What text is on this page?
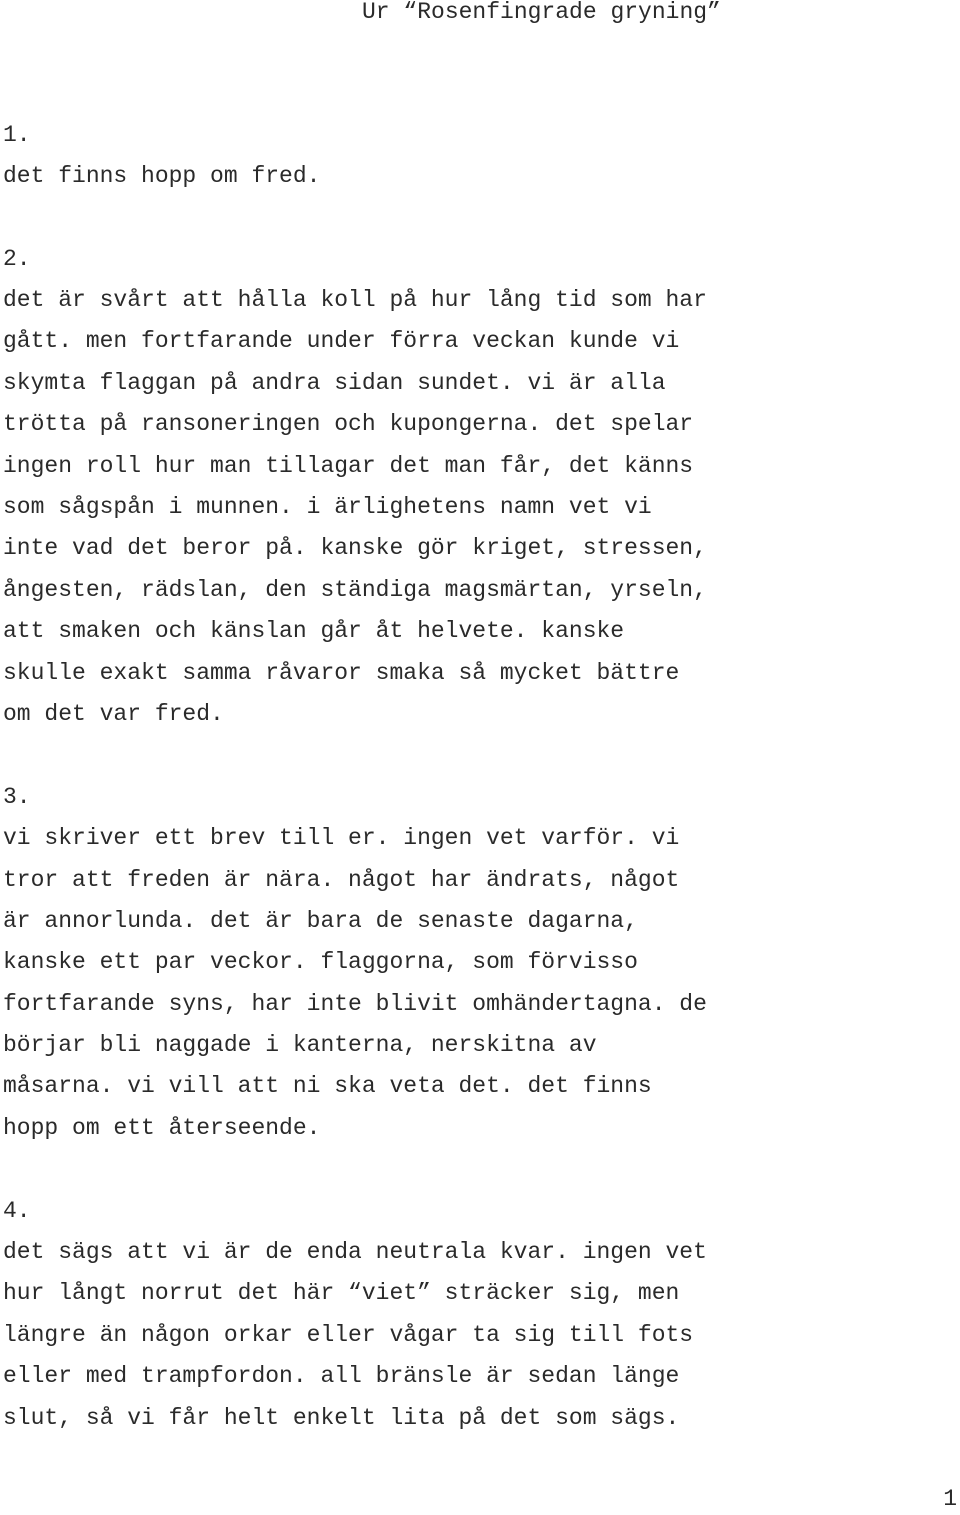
Ur “Rosenfingrade gryning”
1.
det finns hopp om fred.
2.
det är svårt att hålla koll på hur lång tid som har
gått. men fortfarande under förra veckan kunde vi
skymta flaggan på andra sidan sundet. vi är alla
trötta på ransoneringen och kupongerna. det spelar
ingen roll hur man tillagar det man får, det känns
som sågspån i munnen. i ärlighetens namn vet vi
inte vad det beror på. kanske gör kriget, stressen,
ångesten, rädslan, den ständiga magsmärtan, yrseln,
att smaken och känslan går åt helvete. kanske
skulle exakt samma råvaror smaka så mycket bättre
om det var fred.
3.
vi skriver ett brev till er. ingen vet varför. vi
tror att freden är nära. något har ändrats, något
är annorlunda. det är bara de senaste dagarna,
kanske ett par veckor. flaggorna, som förvisso
fortfarande syns, har inte blivit omhändertagna. de
börjar bli naggade i kanterna, nerskitna av
måsarna. vi vill att ni ska veta det. det finns
hopp om ett återseende.
4.
det sägs att vi är de enda neutrala kvar. ingen vet
hur långt norrut det här “viet” sträcker sig, men
längre än någon orkar eller vågar ta sig till fots
eller med trampfordon. all bränsle är sedan länge
slut, så vi får helt enkelt lita på det som sägs.
1
